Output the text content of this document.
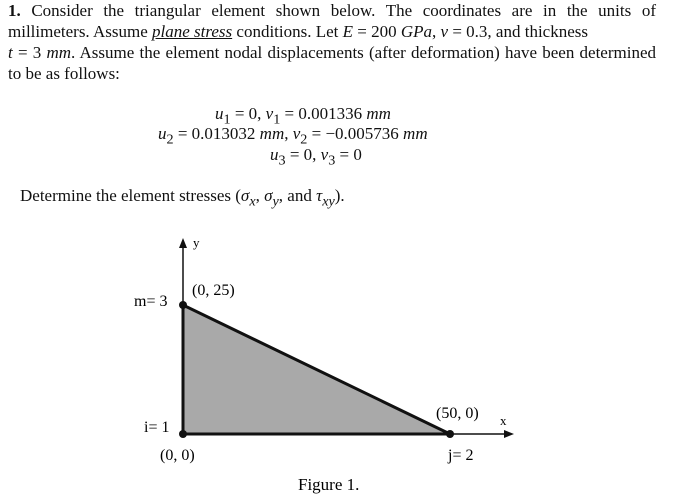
1. Consider the triangular element shown below. The coordinates are in the units of millimeters. Assume plane stress conditions. Let E = 200 GPa, ν = 0.3, and thickness
t = 3 mm. Assume the element nodal displacements (after deformation) have been determined to be as follows:
$u_1 = 0$, $v_1 = 0.001336$ mm
$u_2 = 0.013032$ mm, $v_2 = -0.005736$ mm
$u_3 = 0$, $v_3 = 0$
Determine the element stresses ($\sigma_x$, $\sigma_y$, and $\tau_{xy}$).
y
x
(0, 25)
m= 3
i= 1
(0, 0)
(50, 0)
j= 2
Figure 1.
